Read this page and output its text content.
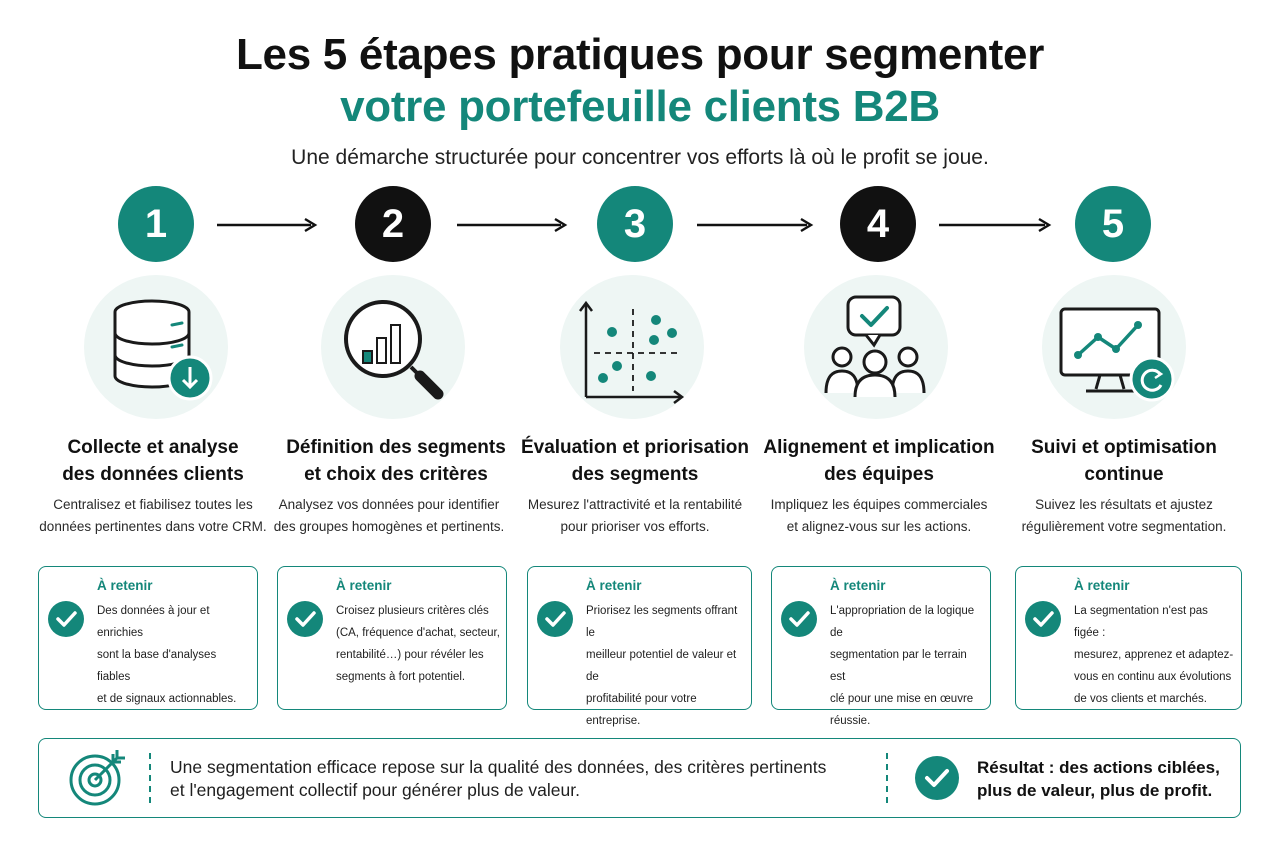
Les 5 étapes pratiques pour segmenter
votre portefeuille clients B2B
Une démarche structurée pour concentrer vos efforts là où le profit se joue.
1	2	3	4	5
Collecte et analyse
des données clients
Définition des segments
et choix des critères
Évaluation et priorisation
des segments
Alignement et implication
des équipes
Suivi et optimisation
continue
Centralisez et fiabilisez toutes les
données pertinentes dans votre CRM.
Analysez vos données pour identifier
des groupes homogènes et pertinents.
Mesurez l'attractivité et la rentabilité
pour prioriser vos efforts.
Impliquez les équipes commerciales
et alignez-vous sur les actions.
Suivez les résultats et ajustez
régulièrement votre segmentation.
À retenir
Des données à jour et enrichies
sont la base d'analyses fiables
et de signaux actionnables.
À retenir
Croisez plusieurs critères clés
(CA, fréquence d'achat, secteur,
rentabilité…) pour révéler les
segments à fort potentiel.
À retenir
Priorisez les segments offrant le
meilleur potentiel de valeur et de
profitabilité pour votre entreprise.
À retenir
L'appropriation de la logique de
segmentation par le terrain est
clé pour une mise en œuvre
réussie.
À retenir
La segmentation n'est pas figée :
mesurez, apprenez et adaptez-
vous en continu aux évolutions
de vos clients et marchés.
Une segmentation efficace repose sur la qualité des données, des critères pertinents
et l'engagement collectif pour générer plus de valeur.
Résultat : des actions ciblées,
plus de valeur, plus de profit.
